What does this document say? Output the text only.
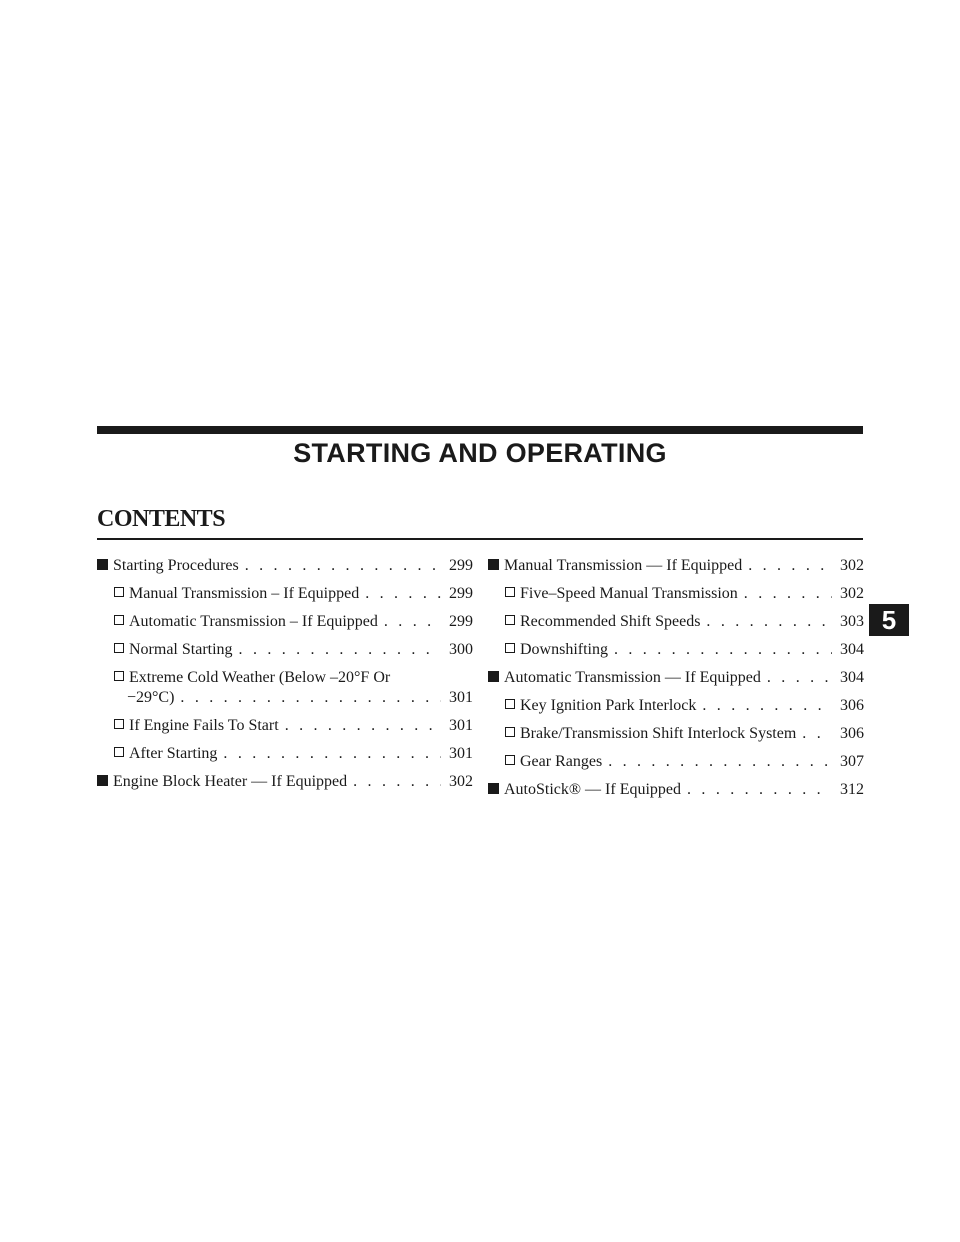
STARTING AND OPERATING
CONTENTS
Starting Procedures . . .	299
Manual Transmission – If Equipped . . .	299
Automatic Transmission – If Equipped . . .	299
Normal Starting . . .	300
Extreme Cold Weather (Below –20°F Or
−29°C) . . .	301
If Engine Fails To Start . . .	301
After Starting . . .	301
Engine Block Heater — If Equipped . . .	302
Manual Transmission — If Equipped . . .	302
Five–Speed Manual Transmission . . .	302
Recommended Shift Speeds . . .	303
Downshifting . . .	304
Automatic Transmission — If Equipped . . .	304
Key Ignition Park Interlock . . .	306
Brake/Transmission Shift Interlock System . . .	306
Gear Ranges . . .	307
AutoStick® — If Equipped . . .	312
5
